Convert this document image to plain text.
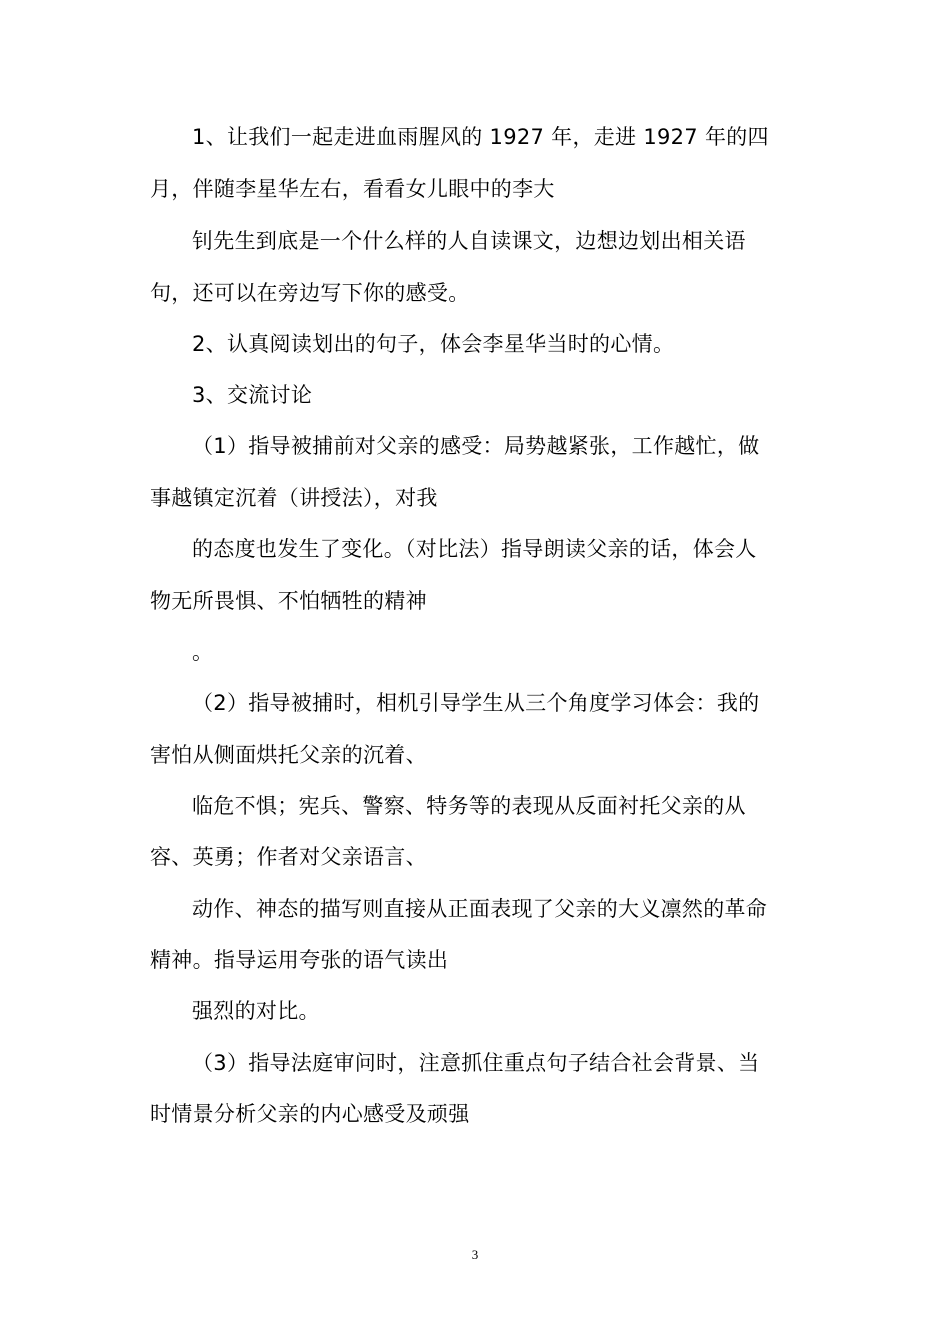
1、让我们一起走进血雨腥风的 1927 年，走进 1927 年的四
月，伴随李星华左右，看看女儿眼中的李大
钊先生到底是一个什么样的人自读课文，边想边划出相关语
句，还可以在旁边写下你的感受。
2、认真阅读划出的句子，体会李星华当时的心情。
3、交流讨论
（1）指导被捕前对父亲的感受：局势越紧张，工作越忙，做
事越镇定沉着（讲授法），对我
的态度也发生了变化。（对比法）指导朗读父亲的话，体会人
物无所畏惧、不怕牺牲的精神
。
（2）指导被捕时，相机引导学生从三个角度学习体会：我的
害怕从侧面烘托父亲的沉着、
临危不惧；宪兵、警察、特务等的表现从反面衬托父亲的从
容、英勇；作者对父亲语言、
动作、神态的描写则直接从正面表现了父亲的大义凛然的革命
精神。指导运用夸张的语气读出
强烈的对比。
（3）指导法庭审问时，注意抓住重点句子结合社会背景、当
时情景分析父亲的内心感受及顽强
3
